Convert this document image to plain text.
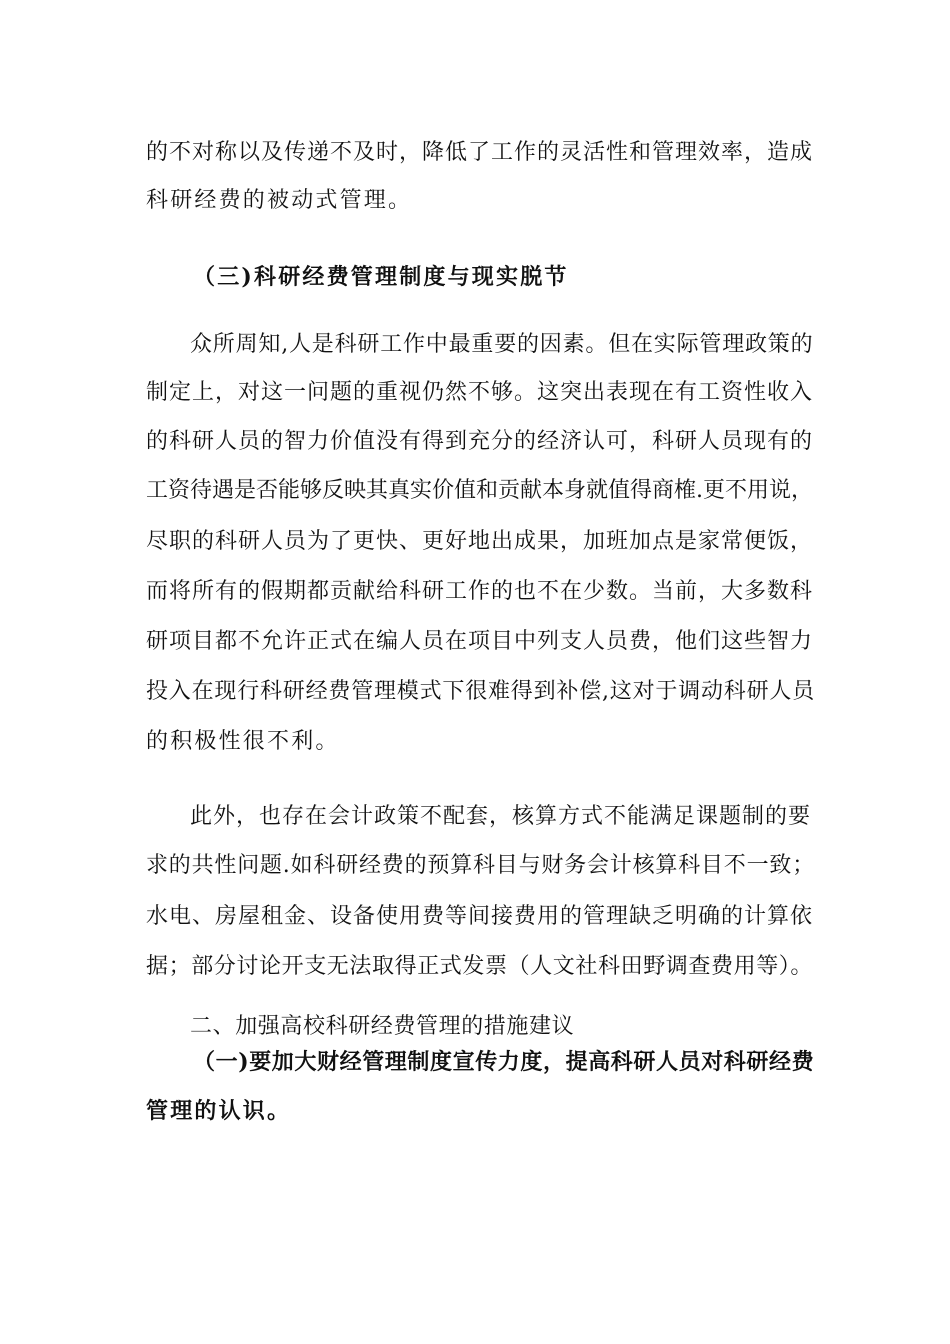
的不对称以及传递不及时，降低了工作的灵活性和管理效率，造成
科研经费的被动式管理。
（三)科研经费管理制度与现实脱节
众所周知,人是科研工作中最重要的因素。但在实际管理政策的
制定上，对这一问题的重视仍然不够。这突出表现在有工资性收入
的科研人员的智力价值没有得到充分的经济认可，科研人员现有的
工资待遇是否能够反映其真实价值和贡献本身就值得商榷.更不用说，
尽职的科研人员为了更快、更好地出成果，加班加点是家常便饭，
而将所有的假期都贡献给科研工作的也不在少数。当前，大多数科
研项目都不允许正式在编人员在项目中列支人员费，他们这些智力
投入在现行科研经费管理模式下很难得到补偿,这对于调动科研人员
的积极性很不利。
此外，也存在会计政策不配套，核算方式不能满足课题制的要
求的共性问题.如科研经费的预算科目与财务会计核算科目不一致；
水电、房屋租金、设备使用费等间接费用的管理缺乏明确的计算依
据；部分讨论开支无法取得正式发票（人文社科田野调查费用等）。
二、加强高校科研经费管理的措施建议
（一)要加大财经管理制度宣传力度，提高科研人员对科研经费
管理的认识。
